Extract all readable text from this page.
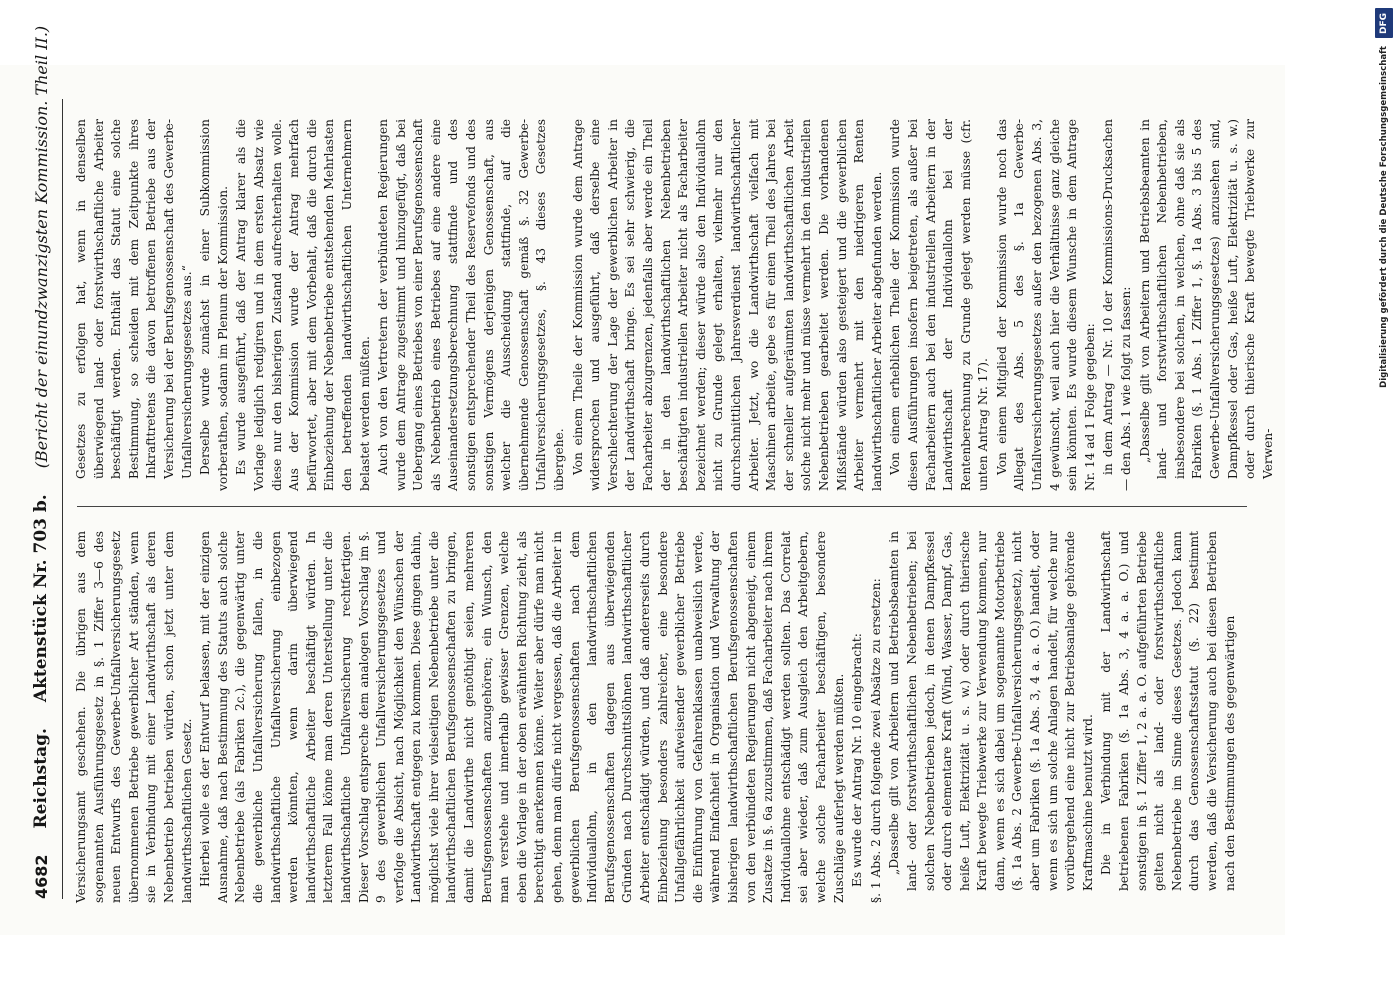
4682
Reichstag.
Aktenstück Nr. 703 b.
(Bericht der einundzwanzigsten Kommission. Theil II.)

Versicherungsamt geschehen. Die übrigen aus dem sogenannten Ausführungsgesetz in §. 1 Ziffer 3—6 des neuen Entwurfs des Gewerbe-Unfallversicherungsgesetz übernommenen Betriebe gewerblicher Art ständen, wenn sie in Verbindung mit einer Landwirthschaft als deren Nebenbetrieb betrieben würden, schon jetzt unter dem landwirthschaftlichen Gesetz. Hierbei wolle es der Entwurf belassen, mit der einzigen Ausnahme, daß nach Bestimmung des Statuts auch solche Nebenbetriebe (als Fabriken 2c.), die gegenwärtig unter die gewerbliche Unfallversicherung fallen, in die landwirthschaftliche Unfallversicherung einbezogen werden könnten, wenn darin überwiegend landwirthschaftliche Arbeiter beschäftigt würden. In letzterem Fall könne man deren Unterstellung unter die landwirthschaftliche Unfallversicherung rechtfertigen. Dieser Vorschlag entspreche dem analogen Vorschlag im §. 9 des gewerblichen Unfallversicherungsgesetzes und verfolge die Absicht, nach Möglichkeit den Wünschen der Landwirthschaft entgegen zu kommen. Diese gingen dahin, möglichst viele ihrer vielseitigen Nebenbetriebe unter die landwirthschaftlichen Berufsgenossenschaften zu bringen, damit die Landwirthe nicht genöthigt seien, mehreren Berufsgenossenschaften anzugehören; ein Wunsch, den man verstehe und innerhalb gewisser Grenzen, welche eben die Vorlage in der oben erwähnten Richtung zieht, als berechtigt anerkennen könne. Weiter aber dürfe man nicht gehen, denn man dürfe nicht vergessen, daß die Arbeiter in gewerblichen Berufsgenossenschaften nach dem Individuallohn, in den landwirthschaftlichen Berufsgenossenschaften dagegen aus überwiegenden Gründen nach Durchschnittslöhnen landwirthschaftlicher Arbeiter entschädigt würden, und daß andererseits durch Einbeziehung besonders zahlreicher, eine besondere Unfallgefährlichkeit aufweisender gewerblicher Betriebe die Einführung von Gefahrenklassen unabweislich werde, während Einfachheit in Organisation und Verwaltung der bisherigen landwirthschaftlichen Berufsgenossenschaften von den verbündeten Regierungen nicht abgeneigt, einem Zusatze in §. 6a zuzustimmen, daß Facharbeiter nach ihrem Individuallohne entschädigt werden sollten. Das Correlat sei aber wieder, daß zum Ausgleich den Arbeitgebern, welche solche Facharbeiter beschäftigen, besondere Zuschläge auferlegt werden müßten. Es wurde der Antrag Nr. 10 eingebracht: §. 1 Abs. 2 durch folgende zwei Absätze zu ersetzen: „Dasselbe gilt von Arbeitern und Betriebsbeamten in land- oder forstwirthschaftlichen Nebenbetrieben; bei solchen Nebenbetrieben jedoch, in denen Dampfkessel oder durch elementare Kraft (Wind, Wasser, Dampf, Gas, heiße Luft, Elektrizität u. s. w.) oder durch thierische Kraft bewegte Triebwerke zur Verwendung kommen, nur dann, wenn es sich dabei um sogenannte Motorbetriebe (§. 1a Abs. 2 Gewerbe-Unfallversicherungsgesetz), nicht aber um Fabriken (§. 1a Abs. 3, 4 a. a. O.) handelt, oder wenn es sich um solche Anlagen handelt, für welche nur vorübergehend eine nicht zur Betriebsanlage gehörende Kraftmaschine benutzt wird. Die in Verbindung mit der Landwirthschaft betriebenen Fabriken (§. 1a Abs. 3, 4 a. a. O.) und sonstigen in §. 1 Ziffer 1, 2 a. a. O. aufgeführten Betriebe gelten nicht als land- oder forstwirthschaftliche Nebenbetriebe im Sinne dieses Gesetzes. Jedoch kann durch das Genossenschaftsstatut (§. 22) bestimmt werden, daß die Versicherung auch bei diesen Betrieben nach den Bestimmungen des gegenwärtigen

Gesetzes zu erfolgen hat, wenn in denselben überwiegend land- oder forstwirthschaftliche Arbeiter beschäftigt werden. Enthält das Statut eine solche Bestimmung, so scheiden mit dem Zeitpunkte ihres Inkrafttretens die davon betroffenen Betriebe aus der Versicherung bei der Berufsgenossenschaft des Gewerbe-Unfallversicherungsgesetzes aus.“ Derselbe wurde zunächst in einer Subkommission vorberathen, sodann im Plenum der Kommission. Es wurde ausgeführt, daß der Antrag klarer als die Vorlage lediglich redigiren und in dem ersten Absatz wie diese nur den bisherigen Zustand aufrechterhalten wolle. Aus der Kommission wurde der Antrag mehrfach befürwortet, aber mit dem Vorbehalt, daß die durch die Einbeziehung der Nebenbetriebe entstehenden Mehrlasten den betreffenden landwirthschaftlichen Unternehmern belastet werden müßten. Auch von den Vertretern der verbündeten Regierungen wurde dem Antrage zugestimmt und hinzugefügt, daß bei Uebergang eines Betriebes von einer Berufsgenossenschaft als Nebenbetrieb eines Betriebes auf eine andere eine Auseinandersetzungsberechnung stattfinde und des sonstigen entsprechender Theil des Reservefonds und des sonstigen Vermögens derjenigen Genossenschaft, aus welcher die Ausscheidung stattfinde, auf die übernehmende Genossenschaft gemäß §. 32 Gewerbe-Unfallversicherungsgesetzes, §. 43 dieses Gesetzes übergehe. Von einem Theile der Kommission wurde dem Antrage widersprochen und ausgeführt, daß derselbe eine Verschlechterung der Lage der gewerblichen Arbeiter in der Landwirthschaft bringe. Es sei sehr schwierig, die Facharbeiter abzugrenzen, jedenfalls aber werde ein Theil der in den landwirthschaftlichen Nebenbetrieben beschäftigten industriellen Arbeiter nicht als Facharbeiter bezeichnet werden; dieser würde also den Individuallohn nicht zu Grunde gelegt erhalten, vielmehr nur den durchschnittlichen Jahresverdienst landwirthschaftlicher Arbeiter. Jetzt, wo die Landwirthschaft vielfach mit Maschinen arbeite, gebe es für einen Theil des Jahres bei der schneller aufgeräumten landwirthschaftlichen Arbeit solche nicht mehr und müsse vermehrt in den industriellen Nebenbetrieben gearbeitet werden. Die vorhandenen Mißstände würden also gesteigert und die gewerblichen Arbeiter vermehrt mit den niedrigeren Renten landwirthschaftlicher Arbeiter abgefunden werden. Von einem erheblichen Theile der Kommission wurde diesen Ausführungen insofern beigetreten, als außer bei Facharbeitern auch bei den industriellen Arbeitern in der Landwirthschaft der Individuallohn bei der Rentenberechnung zu Grunde gelegt werden müsse (cfr. unten Antrag Nr. 17). Von einem Mitglied der Kommission wurde noch das Allegat des Abs. 5 des §. 1a Gewerbe-Unfallversicherungsgesetzes außer den bezogenen Abs. 3, 4 gewünscht, weil auch hier die Verhältnisse ganz gleiche sein könnten. Es wurde diesem Wunsche in dem Antrage Nr. 14 ad 1 Folge gegeben: in dem Antrag — Nr. 10 der Kommissions-Drucksachen — den Abs. 1 wie folgt zu fassen: „Dasselbe gilt von Arbeitern und Betriebsbeamten in land- und forstwirthschaftlichen Nebenbetrieben, insbesondere bei solchen, in welchen, ohne daß sie als Fabriken (§. 1 Abs. 1 Ziffer 1, §. 1a Abs. 3 bis 5 des Gewerbe-Unfallversicherungsgesetzes) anzusehen sind, Dampfkessel oder Gas, heiße Luft, Elektrizität u. s. w.) oder durch thierische Kraft bewegte Triebwerke zur Verwen-

DFG
Digitalisierung gefördert durch die Deutsche Forschungsgemeinschaft
